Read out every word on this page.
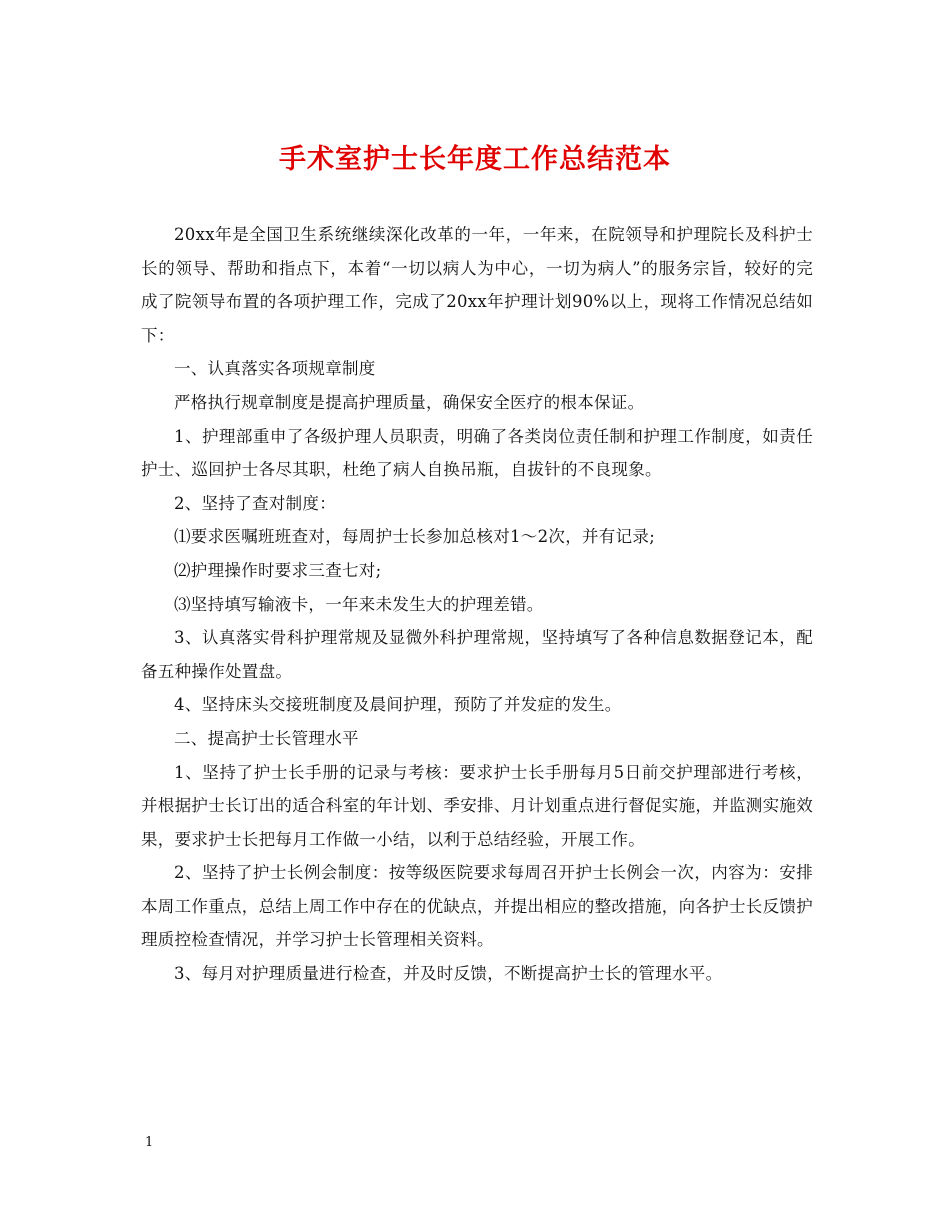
手术室护士长年度工作总结范本

20xx年是全国卫生系统继续深化改革的一年，一年来，在院领导和护理院长及科护士长的领导、帮助和指点下，本着“一切以病人为中心，一切为病人”的服务宗旨，较好的完成了院领导布置的各项护理工作，完成了20xx年护理计划90%以上，现将工作情况总结如下：

一、认真落实各项规章制度

严格执行规章制度是提高护理质量，确保安全医疗的根本保证。

1、护理部重申了各级护理人员职责，明确了各类岗位责任制和护理工作制度，如责任护士、巡回护士各尽其职，杜绝了病人自换吊瓶，自拔针的不良现象。

2、坚持了查对制度：

⑴要求医嘱班班查对，每周护士长参加总核对1～2次，并有记录;

⑵护理操作时要求三查七对;

⑶坚持填写输液卡，一年来未发生大的护理差错。

3、认真落实骨科护理常规及显微外科护理常规，坚持填写了各种信息数据登记本，配备五种操作处置盘。

4、坚持床头交接班制度及晨间护理，预防了并发症的发生。

二、提高护士长管理水平

1、坚持了护士长手册的记录与考核：要求护士长手册每月5日前交护理部进行考核，并根据护士长订出的适合科室的年计划、季安排、月计划重点进行督促实施，并监测实施效果，要求护士长把每月工作做一小结，以利于总结经验，开展工作。

2、坚持了护士长例会制度：按等级医院要求每周召开护士长例会一次，内容为：安排本周工作重点，总结上周工作中存在的优缺点，并提出相应的整改措施，向各护士长反馈护理质控检查情况，并学习护士长管理相关资料。

3、每月对护理质量进行检查，并及时反馈，不断提高护士长的管理水平。

1
